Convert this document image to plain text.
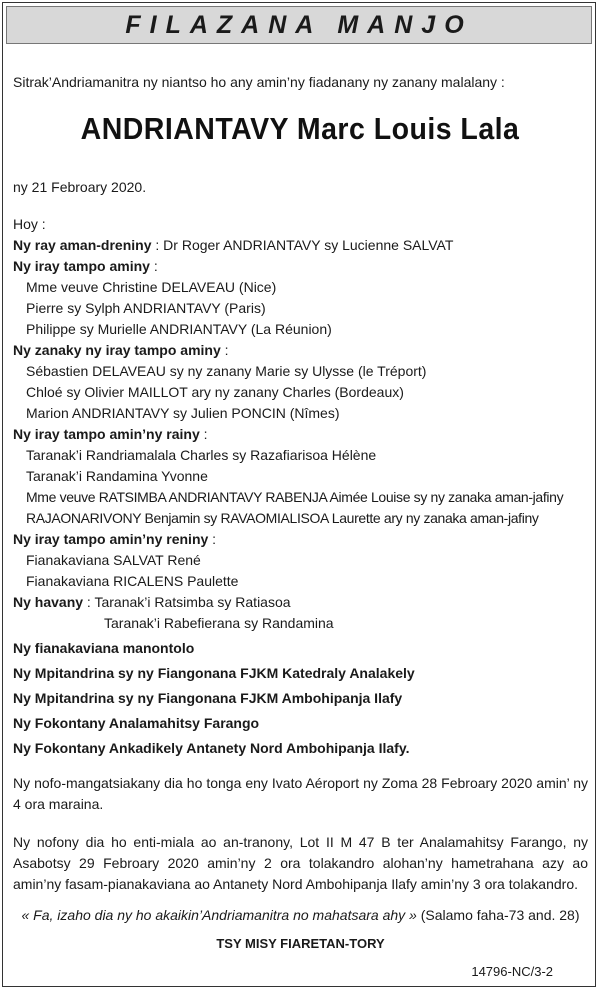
FILAZANA MANJO
Sitrak’Andriamanitra ny niantso ho any amin’ny fiadanany ny zanany malalany :
ANDRIANTAVY Marc Louis Lala
ny 21 Febroary 2020.
Hoy :
Ny ray aman-dreniny : Dr Roger ANDRIANTAVY sy Lucienne SALVAT
Ny iray tampo aminy :
Mme veuve Christine DELAVEAU (Nice)
Pierre sy Sylph ANDRIANTAVY (Paris)
Philippe sy Murielle ANDRIANTAVY (La Réunion)
Ny zanaky ny iray tampo aminy :
Sébastien DELAVEAU sy ny zanany Marie sy Ulysse (le Tréport)
Chloé sy Olivier MAILLOT ary ny zanany Charles (Bordeaux)
Marion ANDRIANTAVY sy Julien PONCIN (Nîmes)
Ny iray tampo amin’ny rainy :
Taranak’i Randriamalala Charles sy Razafiarisoa Hélène
Taranak’i Randamina Yvonne
Mme veuve RATSIMBA ANDRIANTAVY RABENJA Aimée Louise sy ny zanaka aman-jafiny
RAJAONARIVONY Benjamin sy RAVAOMIALISOA Laurette ary ny zanaka aman-jafiny
Ny iray tampo amin’ny reniny :
Fianakaviana SALVAT René
Fianakaviana RICALENS Paulette
Ny havany : Taranak’i Ratsimba sy Ratiasoa
Taranak’i Rabefierana sy Randamina
Ny fianakaviana manontolo
Ny Mpitandrina sy ny Fiangonana FJKM Katedraly Analakely
Ny Mpitandrina sy ny Fiangonana FJKM Ambohipanja Ilafy
Ny Fokontany Analamahitsy Farango
Ny Fokontany Ankadikely Antanety Nord Ambohipanja Ilafy.
Ny nofo-mangatsiakany dia ho tonga eny Ivato Aéroport ny Zoma 28 Febroary 2020 amin’ ny 4 ora maraina.
Ny nofony dia ho enti-miala ao an-tranony, Lot II M 47 B ter Analamahitsy Farango, ny Asabotsy 29 Febroary 2020 amin’ny 2 ora tolakandro alohan’ny hametrahana azy ao amin’ny fasam-pianakaviana ao Antanety Nord Ambohipanja Ilafy amin’ny 3 ora tolakandro.
« Fa, izaho dia ny ho akaikin’Andriamanitra no mahatsara ahy » (Salamo faha-73 and. 28)
TSY MISY FIARETAN-TORY
14796-NC/3-2
